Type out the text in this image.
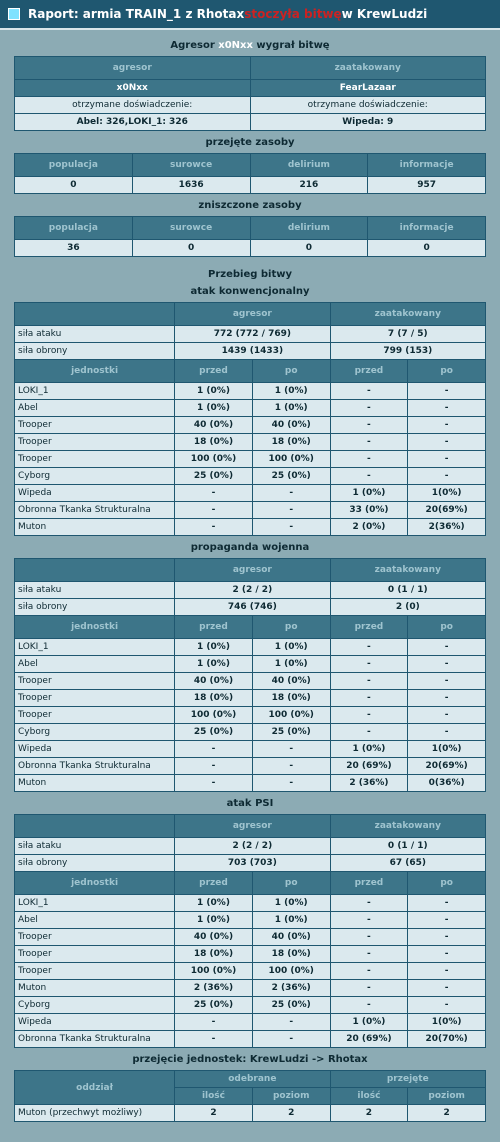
Raport: armia TRAIN_1 z Rhotax stoczyła bitwę w KrewLudzi
Agresor x0Nxx wygrał bitwę
agresor	zaatakowany
x0Nxx	FearLazaar
otrzymane doświadczenie:	otrzymane doświadczenie:
Abel: 326,LOKI_1: 326	Wipeda: 9
przejęte zasoby
populacja	surowce	delirium	informacje
0	1636	216	957
zniszczone zasoby
populacja	surowce	delirium	informacje
36	0	0	0
Przebieg bitwy
atak konwencjonalny
	agresor		zaatakowany	
siła ataku	772 (772 / 769)		7 (7 / 5)	
siła obrony	1439 (1433)		799 (153)	
jednostki	przed	po	przed	po
LOKI_1	1 (0%)	1 (0%)	-	-
Abel	1 (0%)	1 (0%)	-	-
Trooper	40 (0%)	40 (0%)	-	-
Trooper	18 (0%)	18 (0%)	-	-
Trooper	100 (0%)	100 (0%)	-	-
Cyborg	25 (0%)	25 (0%)	-	-
Wipeda	-	-	1 (0%)	1(0%)
Obronna Tkanka Strukturalna	-	-	33 (0%)	20(69%)
Muton	-	-	2 (0%)	2(36%)
propaganda wojenna
	agresor		zaatakowany	
siła ataku	2 (2 / 2)		0 (1 / 1)	
siła obrony	746 (746)		2 (0)	
jednostki	przed	po	przed	po
LOKI_1	1 (0%)	1 (0%)	-	-
Abel	1 (0%)	1 (0%)	-	-
Trooper	40 (0%)	40 (0%)	-	-
Trooper	18 (0%)	18 (0%)	-	-
Trooper	100 (0%)	100 (0%)	-	-
Cyborg	25 (0%)	25 (0%)	-	-
Wipeda	-	-	1 (0%)	1(0%)
Obronna Tkanka Strukturalna	-	-	20 (69%)	20(69%)
Muton	-	-	2 (36%)	0(36%)
atak PSI
	agresor		zaatakowany	
siła ataku	2 (2 / 2)		0 (1 / 1)	
siła obrony	703 (703)		67 (65)	
jednostki	przed	po	przed	po
LOKI_1	1 (0%)	1 (0%)	-	-
Abel	1 (0%)	1 (0%)	-	-
Trooper	40 (0%)	40 (0%)	-	-
Trooper	18 (0%)	18 (0%)	-	-
Trooper	100 (0%)	100 (0%)	-	-
Muton	2 (36%)	2 (36%)	-	-
Cyborg	25 (0%)	25 (0%)	-	-
Wipeda	-	-	1 (0%)	1(0%)
Obronna Tkanka Strukturalna	-	-	20 (69%)	20(70%)
przejęcie jednostek: KrewLudzi -> Rhotax
oddział	odebrane		przejęte	
	ilość	poziom	ilość	poziom
Muton (przechwyt możliwy)	2	2	2	2
